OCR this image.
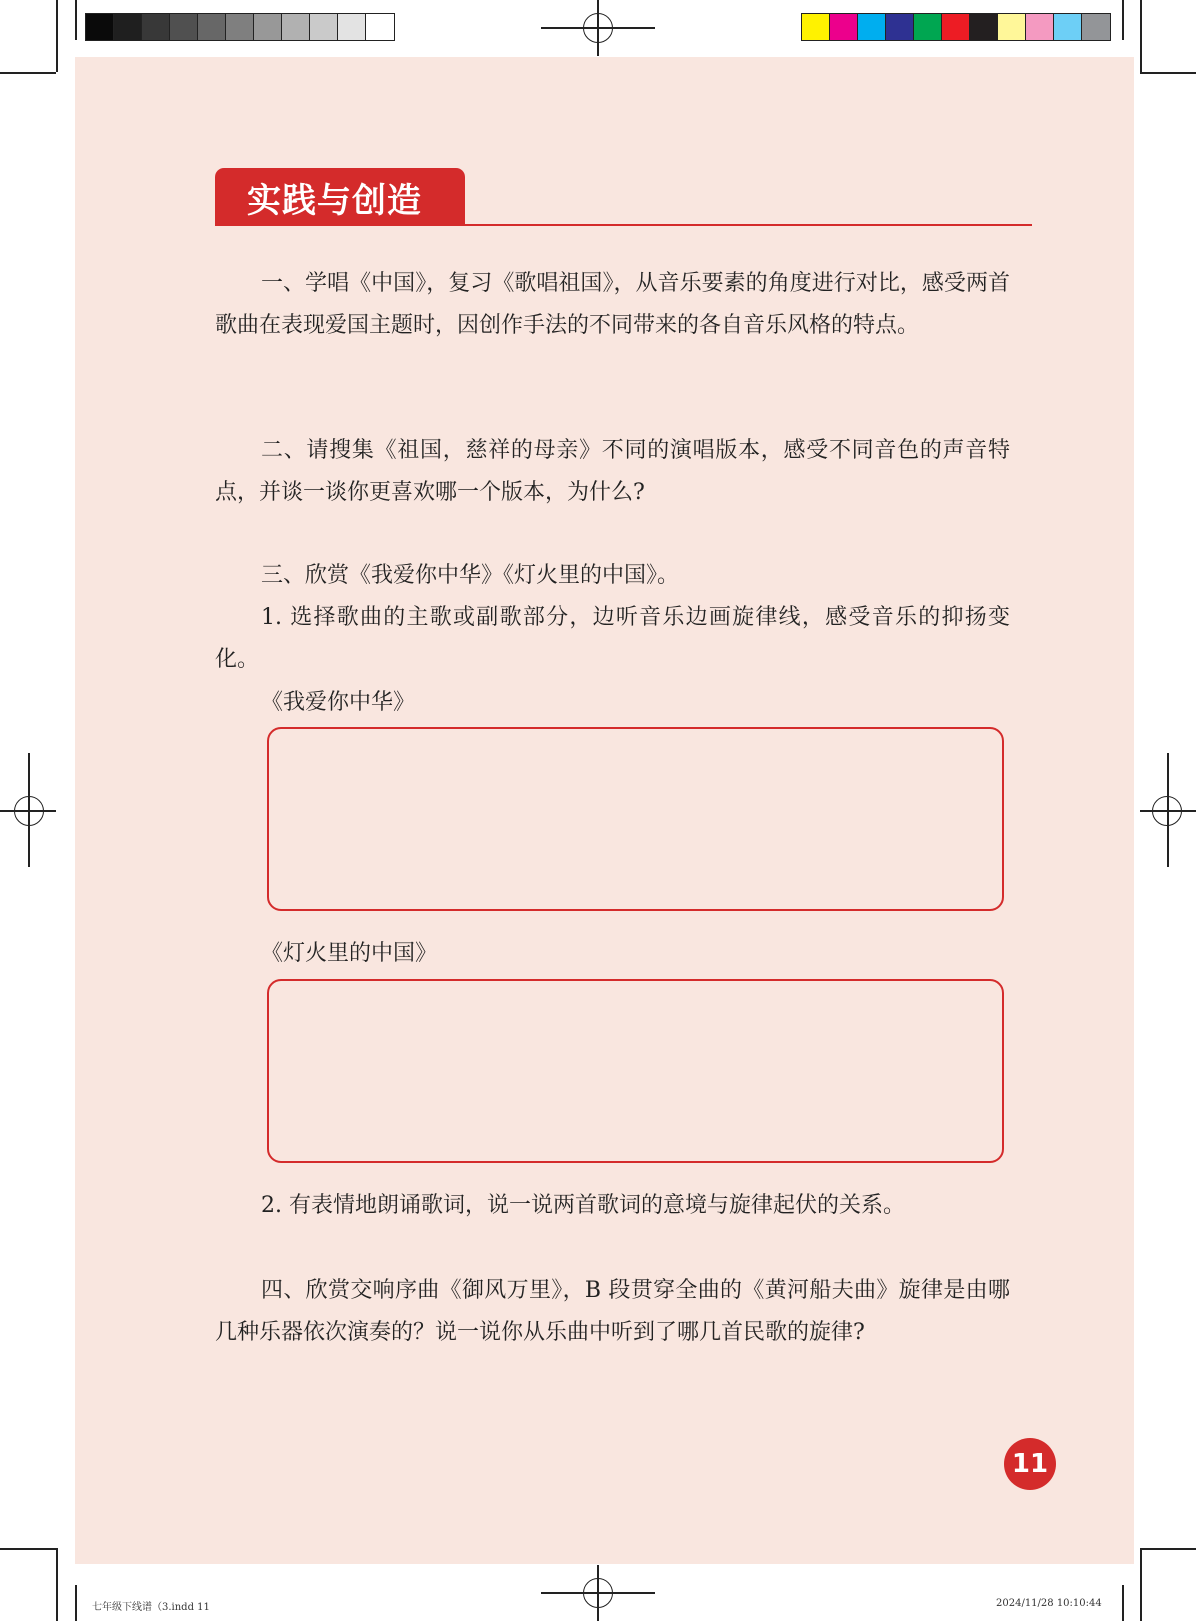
实践与创造

一、学唱《中国》，复习《歌唱祖国》，从音乐要素的角度进行对比，感受两首歌曲在表现爱国主题时，因创作手法的不同带来的各自音乐风格的特点。

二、请搜集《祖国，慈祥的母亲》不同的演唱版本，感受不同音色的声音特点，并谈一谈你更喜欢哪一个版本，为什么?

三、欣赏《我爱你中华》《灯火里的中国》。

1. 选择歌曲的主歌或副歌部分，边听音乐边画旋律线，感受音乐的抑扬变化。

《我爱你中华》

《灯火里的中国》

2. 有表情地朗诵歌词，说一说两首歌词的意境与旋律起伏的关系。

四、欣赏交响序曲《御风万里》，B 段贯穿全曲的《黄河船夫曲》旋律是由哪几种乐器依次演奏的？说一说你从乐曲中听到了哪几首民歌的旋律?

11
七年级下线谱（3.indd 11	2024/11/28 10:10:44
